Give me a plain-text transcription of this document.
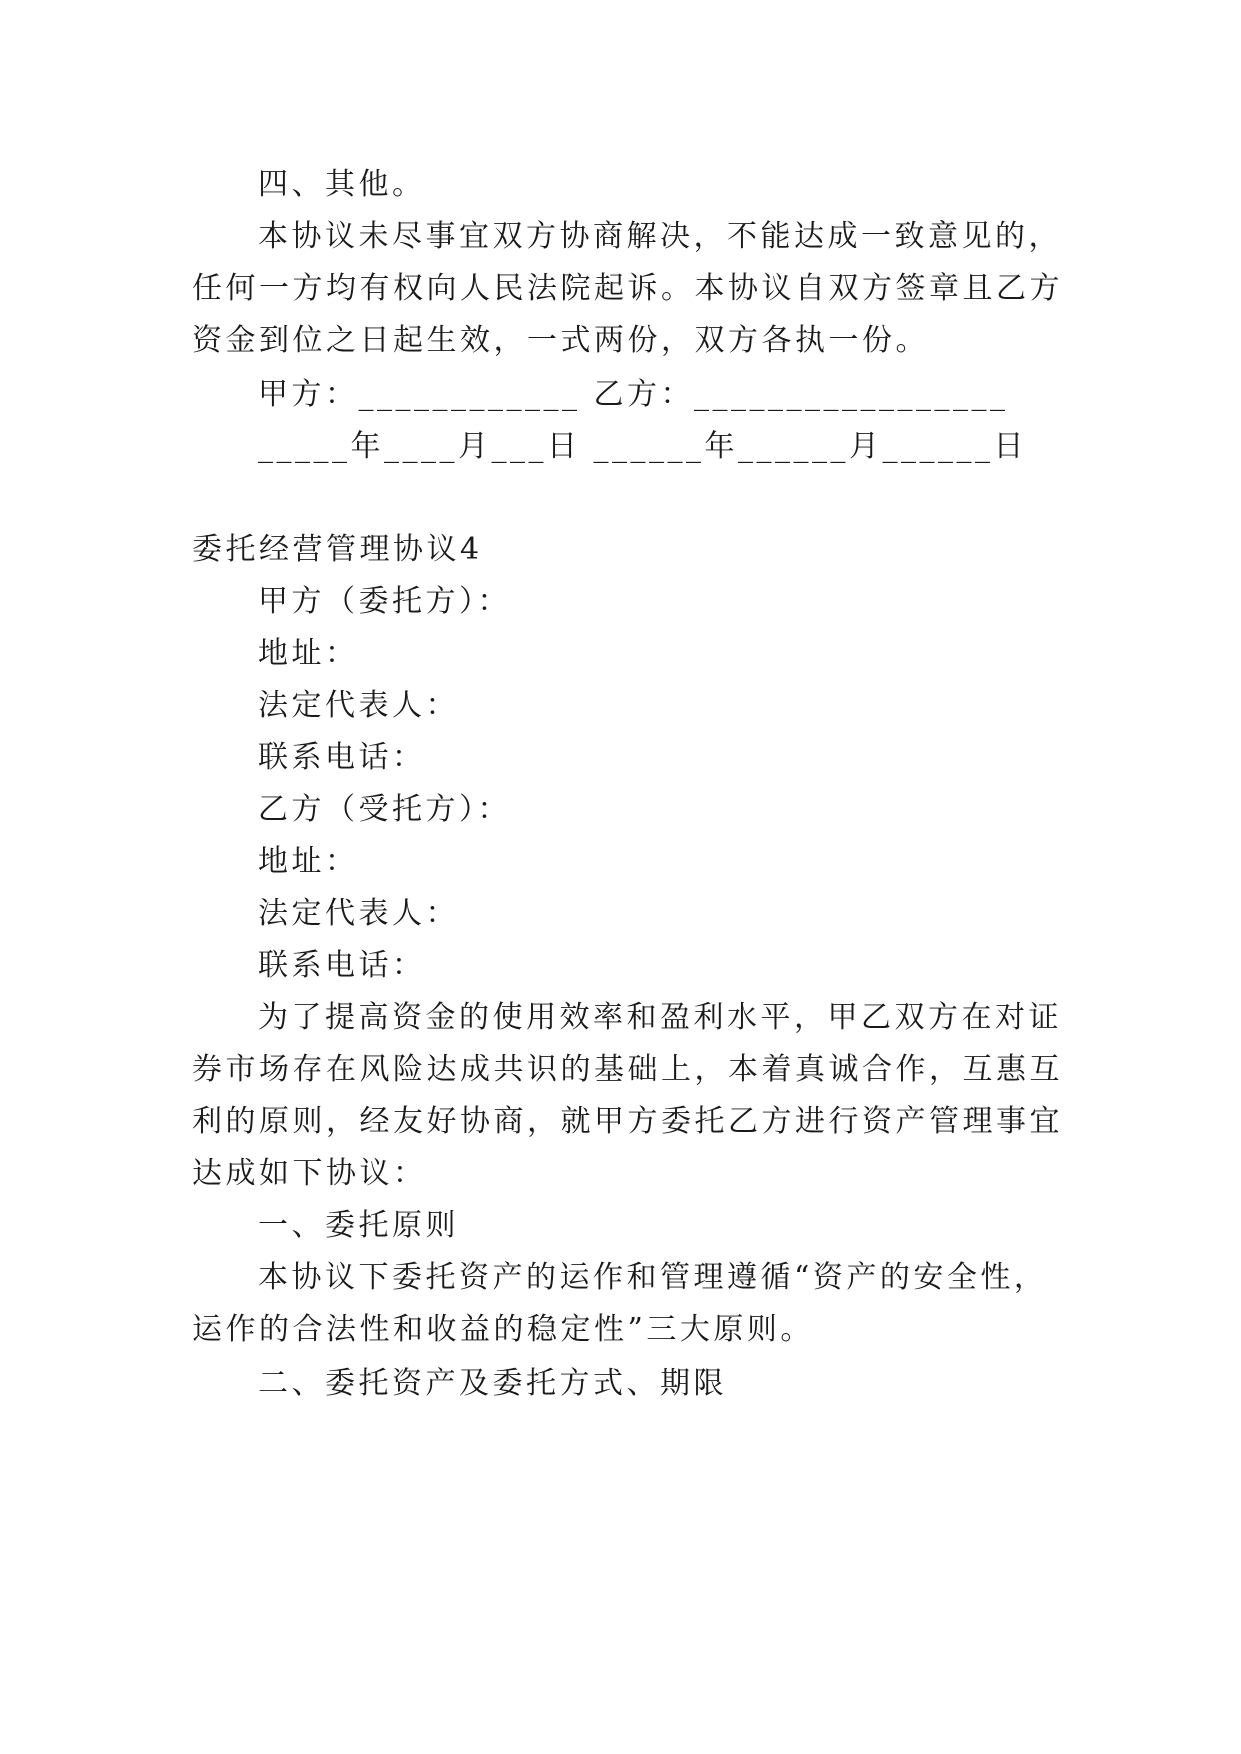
四、其他。
本协议未尽事宜双方协商解决，不能达成一致意见的，
任何一方均有权向人民法院起诉。本协议自双方签章且乙方
资金到位之日起生效，一式两份，双方各执一份。
甲方：____________ 乙方：_________________
_____年____月___日 ______年______月______日
委托经营管理协议4
甲方（委托方）：
地址：
法定代表人：
联系电话：
乙方（受托方）：
地址：
法定代表人：
联系电话：
为了提高资金的使用效率和盈利水平，甲乙双方在对证
券市场存在风险达成共识的基础上，本着真诚合作，互惠互
利的原则，经友好协商，就甲方委托乙方进行资产管理事宜
达成如下协议：
一、委托原则
本协议下委托资产的运作和管理遵循“资产的安全性，
运作的合法性和收益的稳定性”三大原则。
二、委托资产及委托方式、期限
